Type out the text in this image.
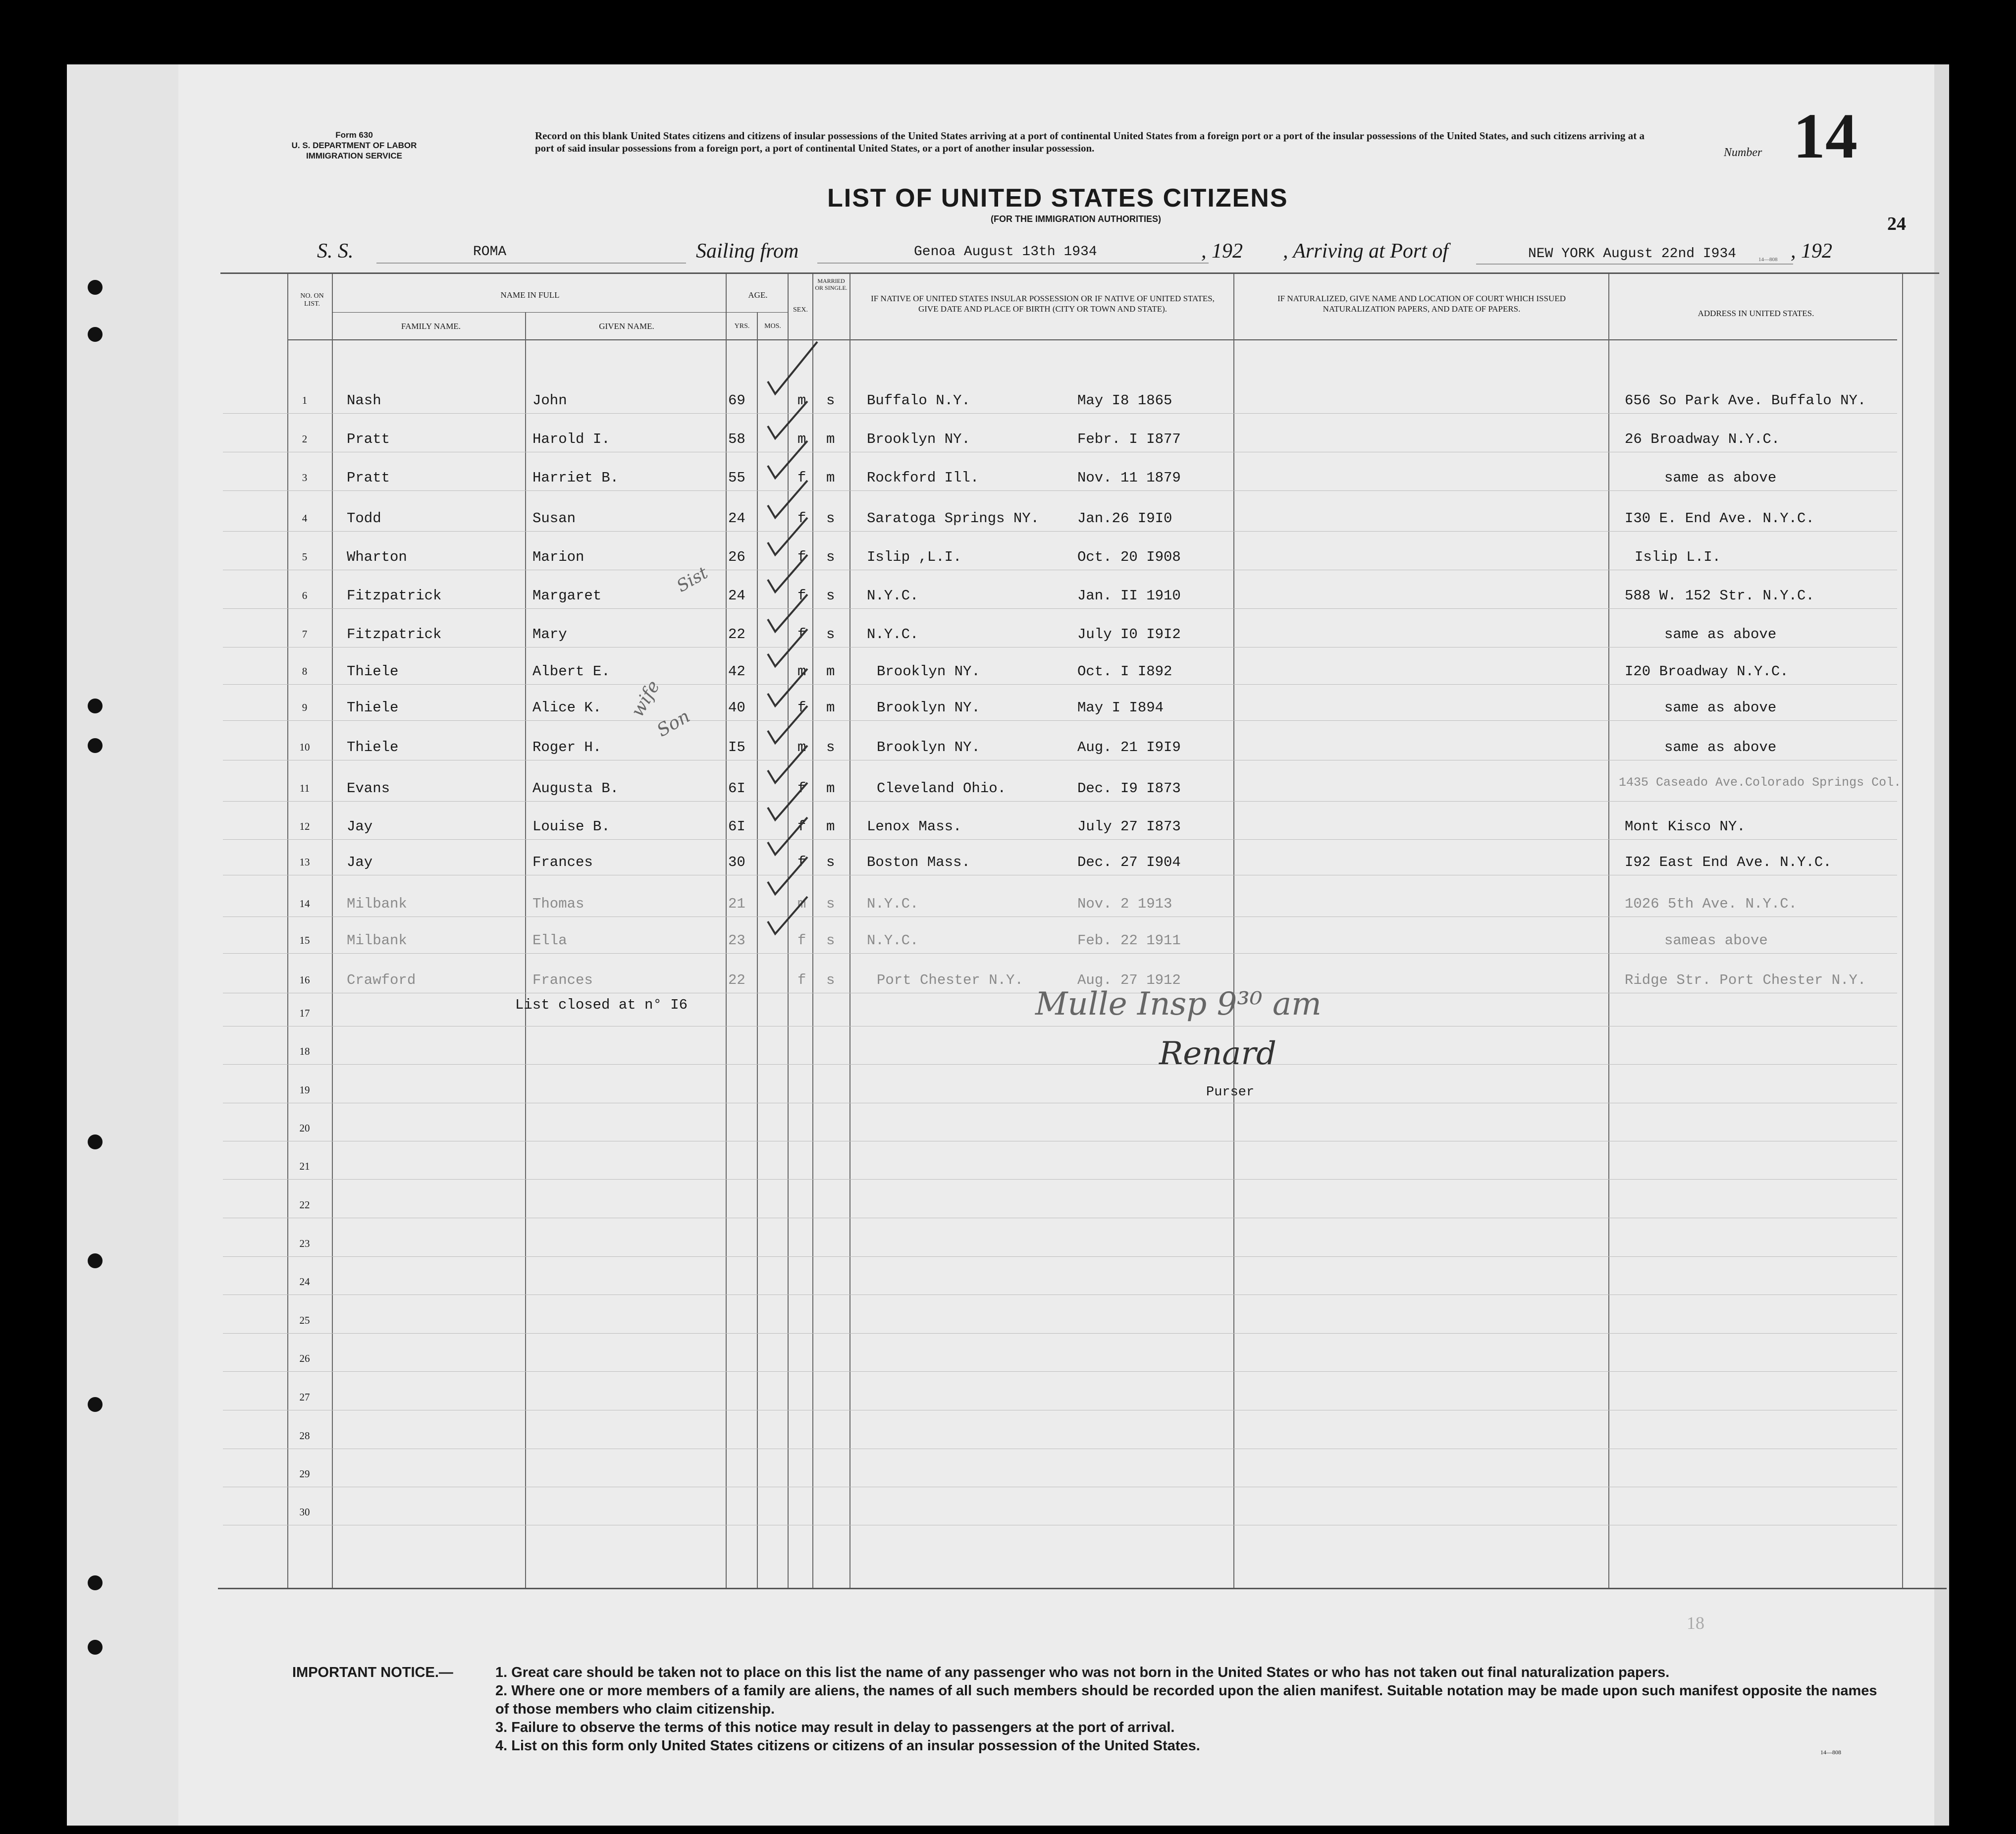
Form 630
U. S. DEPARTMENT OF LABOR
IMMIGRATION SERVICE
Record on this blank United States citizens and citizens of insular possessions of the United States arriving at a port of continental United States from a foreign port or a port of the insular possessions of the United States, and such citizens arriving at a port of said insular possessions from a foreign port, a port of continental United States, or a port of another insular possession.	Number 14
24
LIST OF UNITED STATES CITIZENS
(FOR THE IMMIGRATION AUTHORITIES)
S. S.	ROMA	Sailing from	Genoa August 13th 1934	, 192 , Arriving at Port of	NEW YORK August 22nd I934	, 192
14—808
NO. ON LIST.
NAME IN FULL
FAMILY NAME.	GIVEN NAME.
AGE.
YRS.	MOS.
SEX.
MARRIED OR SINGLE.
IF NATIVE OF UNITED STATES INSULAR POSSESSION OR IF NATIVE OF UNITED STATES, GIVE DATE AND PLACE OF BIRTH (CITY OR TOWN AND STATE).
IF NATURALIZED, GIVE NAME AND LOCATION OF COURT WHICH ISSUED NATURALIZATION PAPERS, AND DATE OF PAPERS.	ADDRESS IN UNITED STATES.
1	Nash	John	69	m s Buffalo N.Y.	May I8 1865	656 So Park Ave. Buffalo NY.
2	Pratt	Harold I.	58	m m Brooklyn NY.	Febr. I I877	26 Broadway N.Y.C.
3	Pratt	Harriet B.	55	f m Rockford Ill.	Nov. 11 1879	same as above
4	Todd	Susan	24	f s Saratoga Springs NY.	Jan.26 I9I0	I30 E. End Ave. N.Y.C.
5	Wharton	Marion	26	f s Islip ,L.I.	Oct. 20 I908	Islip L.I.
6	Fitzpatrick	Margaret	24	f s N.Y.C.	Jan. II 1910	588 W. 152 Str. N.Y.C.
7	Fitzpatrick	Mary	22	f s N.Y.C.	July I0 I9I2	same as above
8	Thiele	Albert E.	42	m m	Brooklyn NY.	Oct. I I892	I20 Broadway N.Y.C.
9	Thiele	Alice K.	40	f m	Brooklyn NY.	May I I894	same as above
10	Thiele	Roger H.	I5	m s	Brooklyn NY.	Aug. 21 I9I9	same as above
11	Evans	Augusta B.	6I	f m	Cleveland Ohio.	Dec. I9 I873	1435 Caseado Ave.Colorado Springs Col.
12	Jay	Louise B.	6I	f m Lenox Mass.	July 27 I873	Mont Kisco NY.
13	Jay	Frances	30	f s Boston Mass.	Dec. 27 I904	I92 East End Ave. N.Y.C.
14	Milbank	Thomas	21	m s N.Y.C.	Nov. 2 1913	1026 5th Ave. N.Y.C.
15	Milbank	Ella	23	f s N.Y.C.	Feb. 22 1911	sameas above
16	Crawford	Frances	22	f s	Port Chester N.Y.	Aug. 27 1912	Ridge Str. Port Chester N.Y.
17
18
19
20
21
22
23
24
25
26
27
28
29
30
Sist
wife
Son
List closed at n° I6	Mulle Insp 9³⁰ am
Renard
Purser
18
IMPORTANT NOTICE.—	1. Great care should be taken not to place on this list the name of any passenger who was not born in the United States or who has not taken out final naturalization papers.
2. Where one or more members of a family are aliens, the names of all such members should be recorded upon the alien manifest. Suitable notation may be made upon such manifest opposite the names of those members who claim citizenship.
3. Failure to observe the terms of this notice may result in delay to passengers at the port of arrival.
4. List on this form only United States citizens or citizens of an insular possession of the United States.	14—808
